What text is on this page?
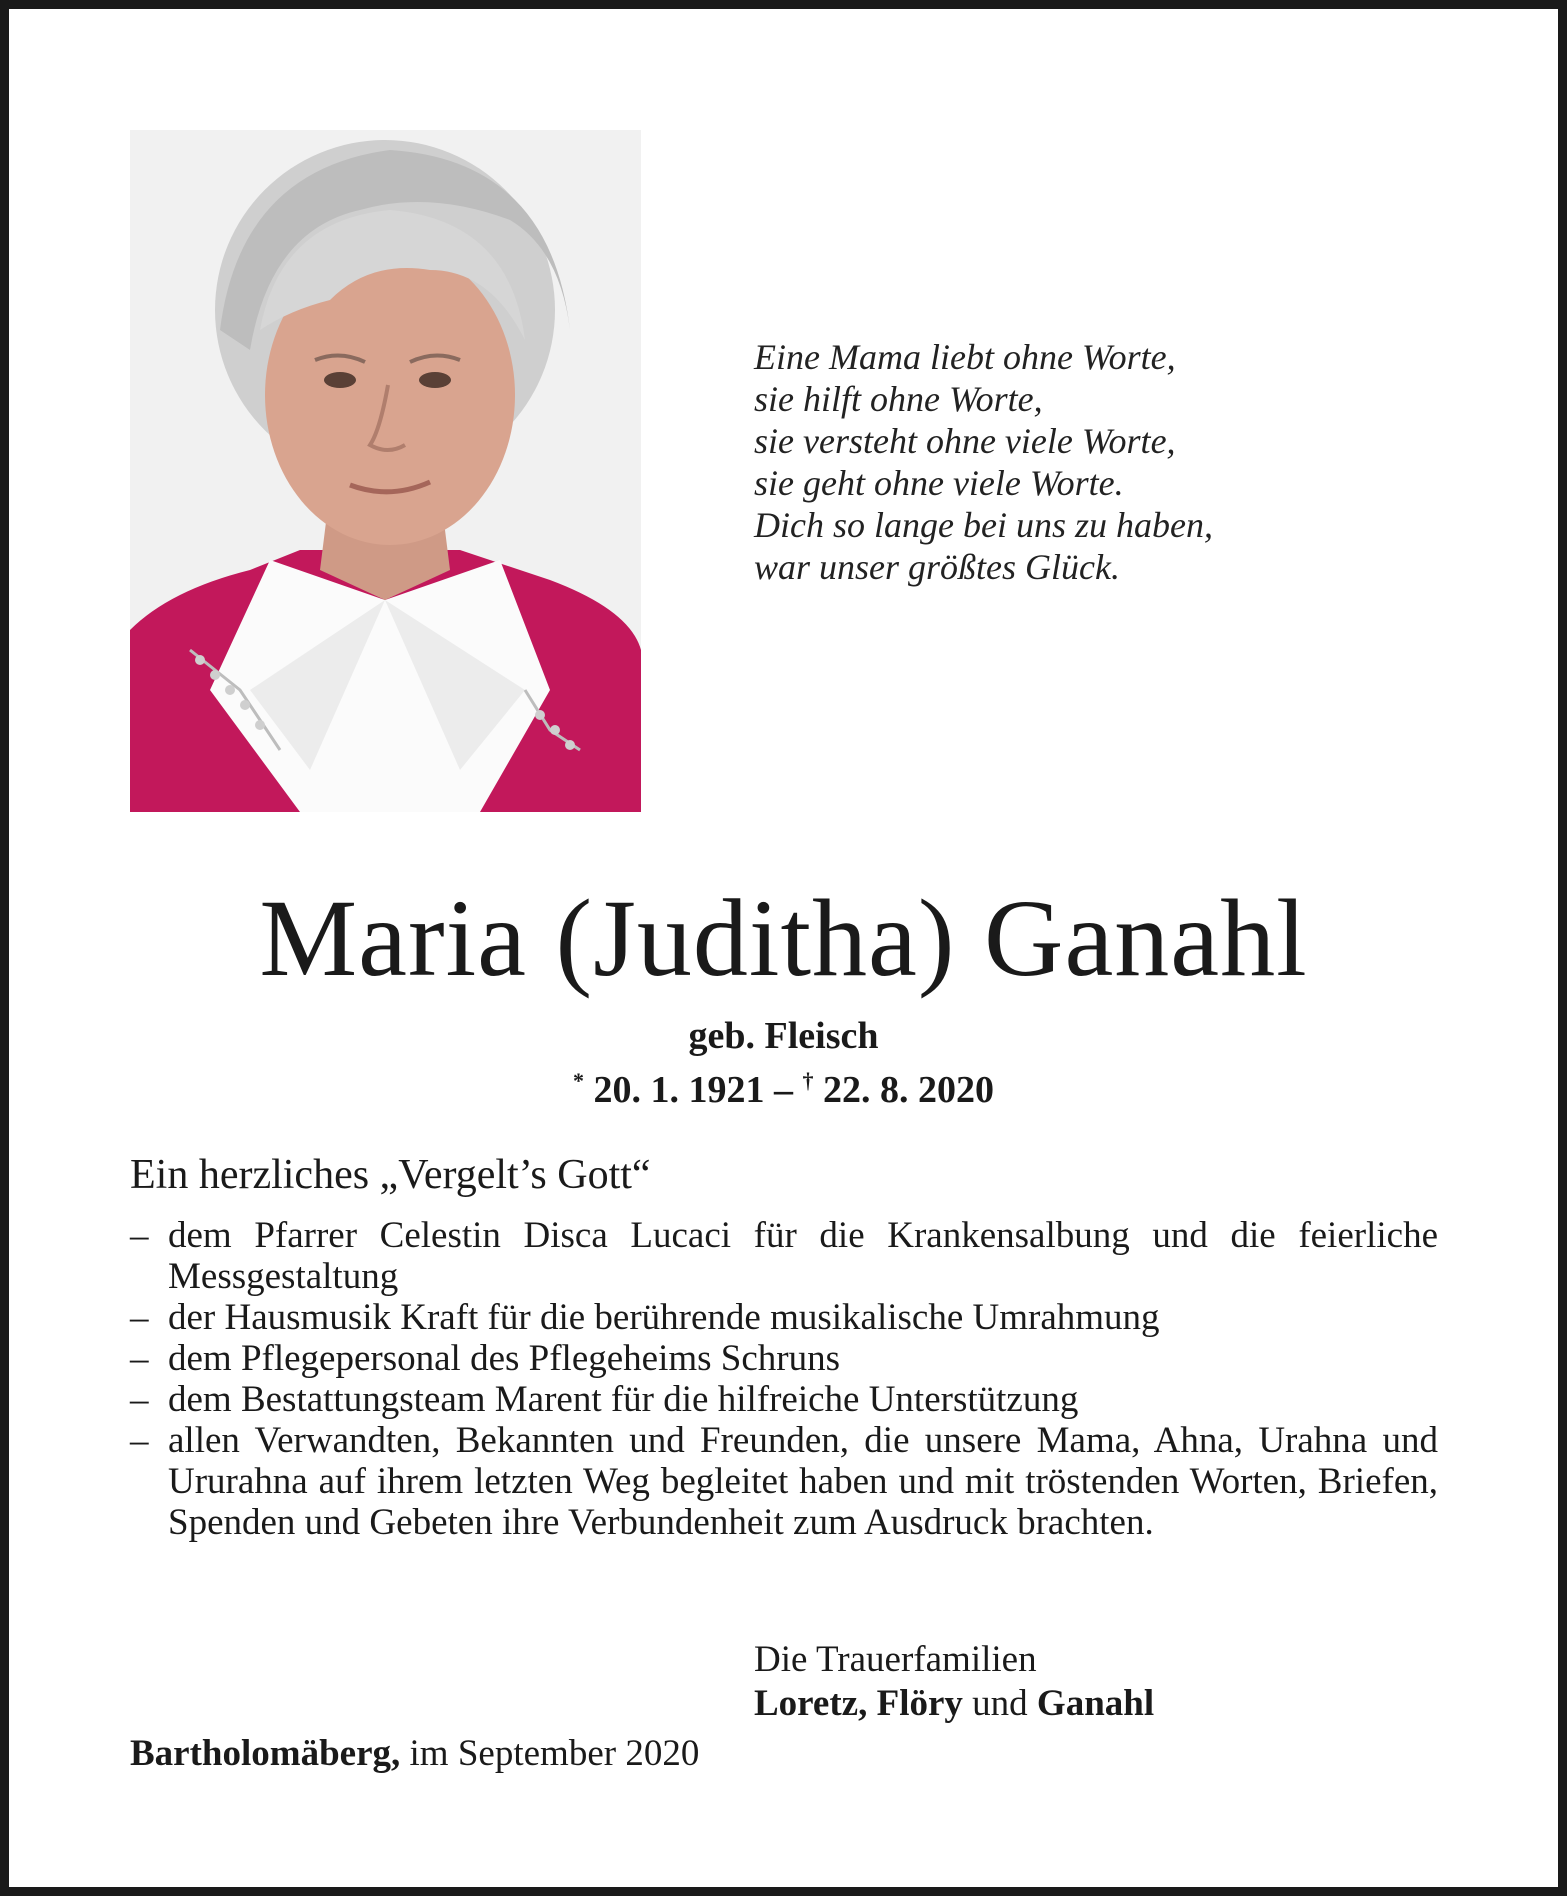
Eine Mama liebt ohne Worte,
sie hilft ohne Worte,
sie versteht ohne viele Worte,
sie geht ohne viele Worte.
Dich so lange bei uns zu haben,
war unser größtes Glück.
Maria (Juditha) Ganahl
geb. Fleisch
* 20. 1. 1921 – † 22. 8. 2020
Ein herzliches „Vergelt’s Gott“
– dem Pfarrer Celestin Disca Lucaci für die Krankensalbung und die feierliche Messgestaltung
– der Hausmusik Kraft für die berührende musikalische Umrahmung
– dem Pflegepersonal des Pflegeheims Schruns
– dem Bestattungsteam Marent für die hilfreiche Unterstützung
– allen Verwandten, Bekannten und Freunden, die unsere Mama, Ahna, Urahna und Ururahna auf ihrem letzten Weg begleitet haben und mit tröstenden Worten, Briefen, Spenden und Gebeten ihre Verbundenheit zum Ausdruck brachten.
Die Trauerfamilien
Loretz, Flöry und Ganahl
Bartholomäberg, im September 2020
